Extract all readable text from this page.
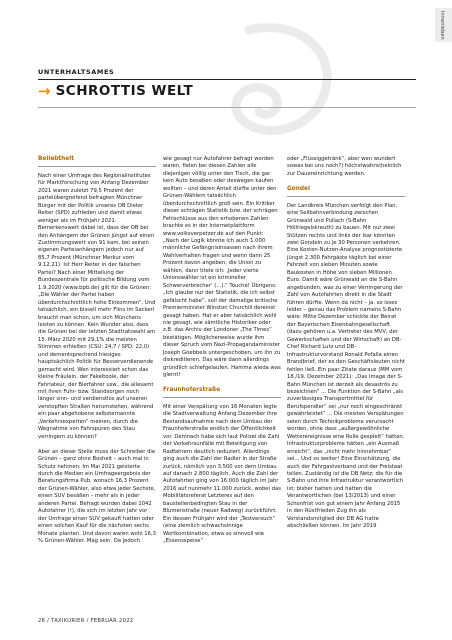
Innenleben
UNTERHALTSAMES
→ SCHROTTIS WELT
Beliebtheit

Nach einer Umfrage des Regionalinstitutes für Marktforschung von Anfang Dezember 2021 waren zuletzt 79,5 Prozent der parteiübergreifend befragten Münchner Bürger mit der Politik unseres OB Dieter Reiter (SPD) zufrieden und damit etwas weniger als im Frühjahr 2021. Bemerkenswert dabei ist, dass der OB bei den Anhängern der Grünen jüngst auf einen Zustimmungswert von 91 kam, bei seinen eigenen Parteianhängern jedoch nur auf 85,7 Prozent (Münchner Merkur vom 9.12.21). Ist Herr Reiter in der falschen Partei? Nach einer Mitteilung der Bundeszentrale für politische Bildung vom 1.9.2020 (www.bpb.de) gilt für die Grünen: „Die Wähler der Partei haben überdurchschnittlich hohe Einkommen“. Und tatsächlich, ein bissell mehr Flins im Sackerl braucht man schon, um sich Münchens leisten zu können. Kein Wunder also, dass die Grünen bei der letzten Stadtratswahl am 15. März 2020 mit 29,1% die meisten Stimmen erhielten (CSU: 24,7 / SPD: 22,0) und dementsprechend hiesiges hauptsächlich Politik für Besserverdienende gemacht wird. Wen interessiert schon das kleine Fräulein, der Fakeltoole, der Fahrlateur, der Bierfahrer usw., die allesamt mit ihren Fuhr- bzw. Standsorgen noch länger sinn- und verdienstlos auf unseren verstopften Straßen herumstehen, während ein paar abgehobene selbsternannte „Verkehrsexperten“ meinen, durch die Wegnahme von Fahrspuren den Stau verringern zu können?

Aber an dieser Stelle muss der Schreiber die Grünen – ganz ohne Bosheit – auch mal in Schutz nehmen: Im Mai 2021 geisterte durch die Medien ein Umfrageergebnis der Beratungsfirma Pub, wonach 16,3 Prozent der Grünen-Wähler, also etwa jeder Sechste, einen SUV besäßen – mehr als in jeder anderen Partei. Befragt wurden dabei 1042 Autofahrer (!), die sich im letzten Jahr vor der Umfrage einen SUV gekauft hatten oder einen solchen Kauf für die nächsten sechs Monate planten. Und davon waren wohl 16,3 % Grünen-Wähler. Mag sein. Da jedoch

wie gesagt nur Autofahrer befragt worden waren, fielen bei diesen Zahlen alle diejenigen völlig unter den Tisch, die gar kein Auto besaßen oder deswegen kaufen wollten – und deren Anteil dürfte unter den Grünen-Wählern tatsächlich überdurchschnittlich groß sein. Ein Kritiker dieser schrägen Statistik bzw. der schrägen Fehlschlüsse aus den erhobenen Zahlen brachte es in der Internetplattform www.volksverpetzer.de auf den Punkt: „Nach der Logik könnte ich auch 1.000 männliche Gefängnisinsassen nach ihrem Wahlverhalten fragen und wenn dann 25 Prozent davon angeben, die Union zu wählen, dann titele ich: ‚Jeder vierte Unionswähler ist ein krimineller Schwerverbrecher‘ (...).“ Touché! Übrigens: „Ich glaube nur der Statistik, die ich selbst gefälscht habe“, soll der damalige britische Premierminister Winston Churchill dereinst gesagt haben. Hat er aber tatsächlich wohl nie gesagt, wie sämtliche Historiker oder z.B. das Archiv der Londoner „The Times“ bestätigen. Möglicherweise wurde ihm dieser Spruch vom Nazi-Propagandaminister Joseph Goebbels untergeschoben, um ihn zu diskreditieren. Das wäre dann allerdings gründlich schiefgelaufen. Hamma wieda was glernt!

Fraunhoferstraße

Mit einer Verspätung von 16 Monaten legte die Stadtverwaltung Anfang Dezember ihre Bestandsaufnahme nach dem Umbau der Fraunhoferstraße endlich der Öffentlichkeit vor. Demnach habe sich laut Polizei die Zahl der Verkehrsunfälle mit Beteiligung von Radfahrern deutlich reduziert. Allerdings ging auch die Zahl der Radler in der Straße zurück, nämlich von 3.500 vor dem Umbau auf danach 2.800 täglich. Auch die Zahl der Autofahrten ging von 16.000 täglich im Jahr 2016 auf nunmehr 11.000 zurück, wobei das Mobilitätsreferat Letzteres auf den baustellenbedingten Stau in der Blumenstraße (neuer Radweg) zurückführt. Ein dessen Frühjahr wird der „Testversuch“ (eine ziemlich schwachsinnige Wortkombination, etwa so sinnvoll wie „Essensspeise“

oder „Flüssiggetränk“, aber wen wundert sowas bei uns noch?) höchstwahrscheinlich zur Dauereinrichtung werden.

Gondel

Der Landkreis München verfolgt den Plan, eine Seilbahnverbindung zwischen Grünwald und Pullach (S-Bahn Höllriegelskreuth) zu bauen. Mit nur zwei Stützen rechts und links der Isar könnten zwei Gondeln zu je 30 Personen verkehren. Eine Kosten-Nutzen-Analyse prognostizierte jüngst 2.300 Fahrgäste täglich bei einer Fahrzeit von sieben Minuten sowie Baukosten in Höhe von sieben Millionen Euro. Damit wäre Grünwald an die S-Bahn angebunden, was zu einer Verringerung der Zahl von Autofahrten direkt in die Stadt führen dürfte. Wenn da nicht – ja, so isses leider – genau das Problem namens S-Bahn wäre. Mitte Dezember schickte der Beirat der Bayerischen Eisenbahngesellschaft (dazu gehören u.a. Vertreter des MVV, der Gewerkschaften und der Wirtschaft) an DB-Chef Richard Lutz und DB-Infrastrukturvorstand Ronald Pofalla einen Brandbrief, der es den Geschäftsleuten nicht fehlen ließ. Ein paar Zitate daraus (MM vom 18./19. Dezember 2021): „Das Image der S-Bahn München ist derzeit als desaströs zu bezeichnen“ ... Die Funktion der S-Bahn „als zuverlässiges Transportmittel für Berufspendler“ sei „nur noch eingeschränkt gewährleistet“ ... Die meisten Verspätungen seien durch Technikprobleme verursacht worden, ohne dass „außergewöhnliche Wetterereignisse eine Rolle gespielt“ hätten. Infrastrukturprobleme hätten „ein Ausmaß erreicht“, das „nicht mehr hinnehmbar“ sei... Und so weiter! Eine Einschätzung, die auch der Fahrgastverband und der Freistaat teilen. Zuständig ist die DB Netz; die für die S-Bahn und ihre Infrastruktur verantwortlich ist; bisher hatten und hatten die Verantwortlichen (bei 13/2013) und einer Schonfrist von gut einem Jahr Anfang 2015 in den Rüstfrieden Zug ihn als Vorstandsmitglied der DB AG hatte abschließen können. Im Jahr 2019

26 / TAXIKURIER / FEBRUAR 2022
